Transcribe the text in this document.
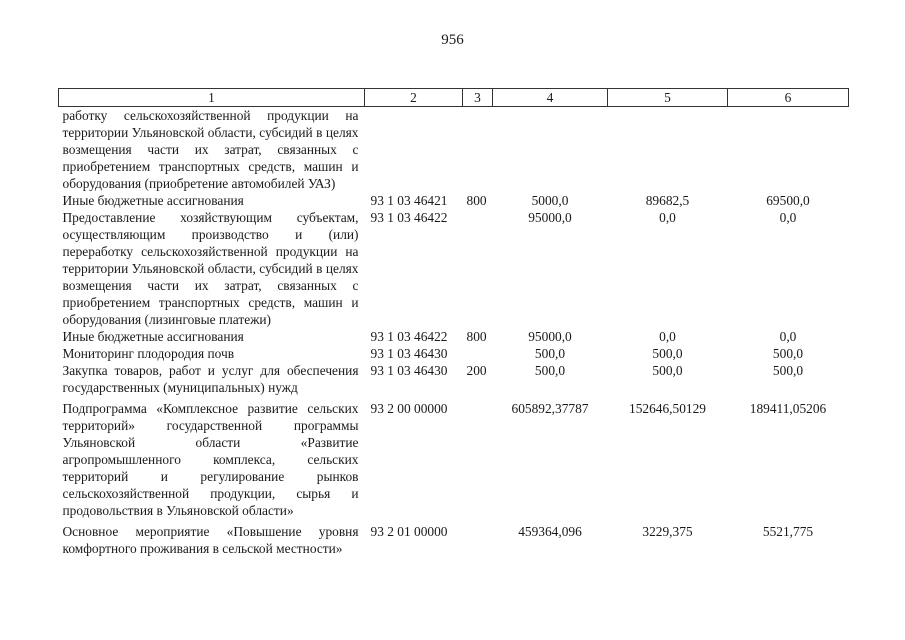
956
1	2	3	4	5	6
работку сельскохозяйственной продукции на территории Ульяновской области, субсидий в целях возмещения части их затрат, связанных с приобретением транспортных средств, машин и оборудования (приобретение автомобилей УАЗ)					
Иные бюджетные ассигнования	93 1 03 46421	800	5000,0	89682,5	69500,0
Предоставление хозяйствующим субъектам, осуществляющим производство и (или) переработку сельскохозяйственной продукции на территории Ульяновской области, субсидий в целях возмещения части их затрат, связанных с приобретением транспортных средств, машин и оборудования (лизинговые платежи)	93 1 03 46422		95000,0	0,0	0,0
Иные бюджетные ассигнования	93 1 03 46422	800	95000,0	0,0	0,0
Мониторинг плодородия почв	93 1 03 46430		500,0	500,0	500,0
Закупка товаров, работ и услуг для обеспечения государственных (муниципальных) нужд	93 1 03 46430	200	500,0	500,0	500,0
Подпрограмма «Комплексное развитие сельских территорий» государственной программы Ульяновской области «Развитие агропромышленного комплекса, сельских территорий и регулирование рынков сельскохозяйственной продукции, сырья и продовольствия в Ульяновской области»	93 2 00 00000		605892,37787	152646,50129	189411,05206
Основное мероприятие «Повышение уровня комфортного проживания в сельской местности»	93 2 01 00000		459364,096	3229,375	5521,775
